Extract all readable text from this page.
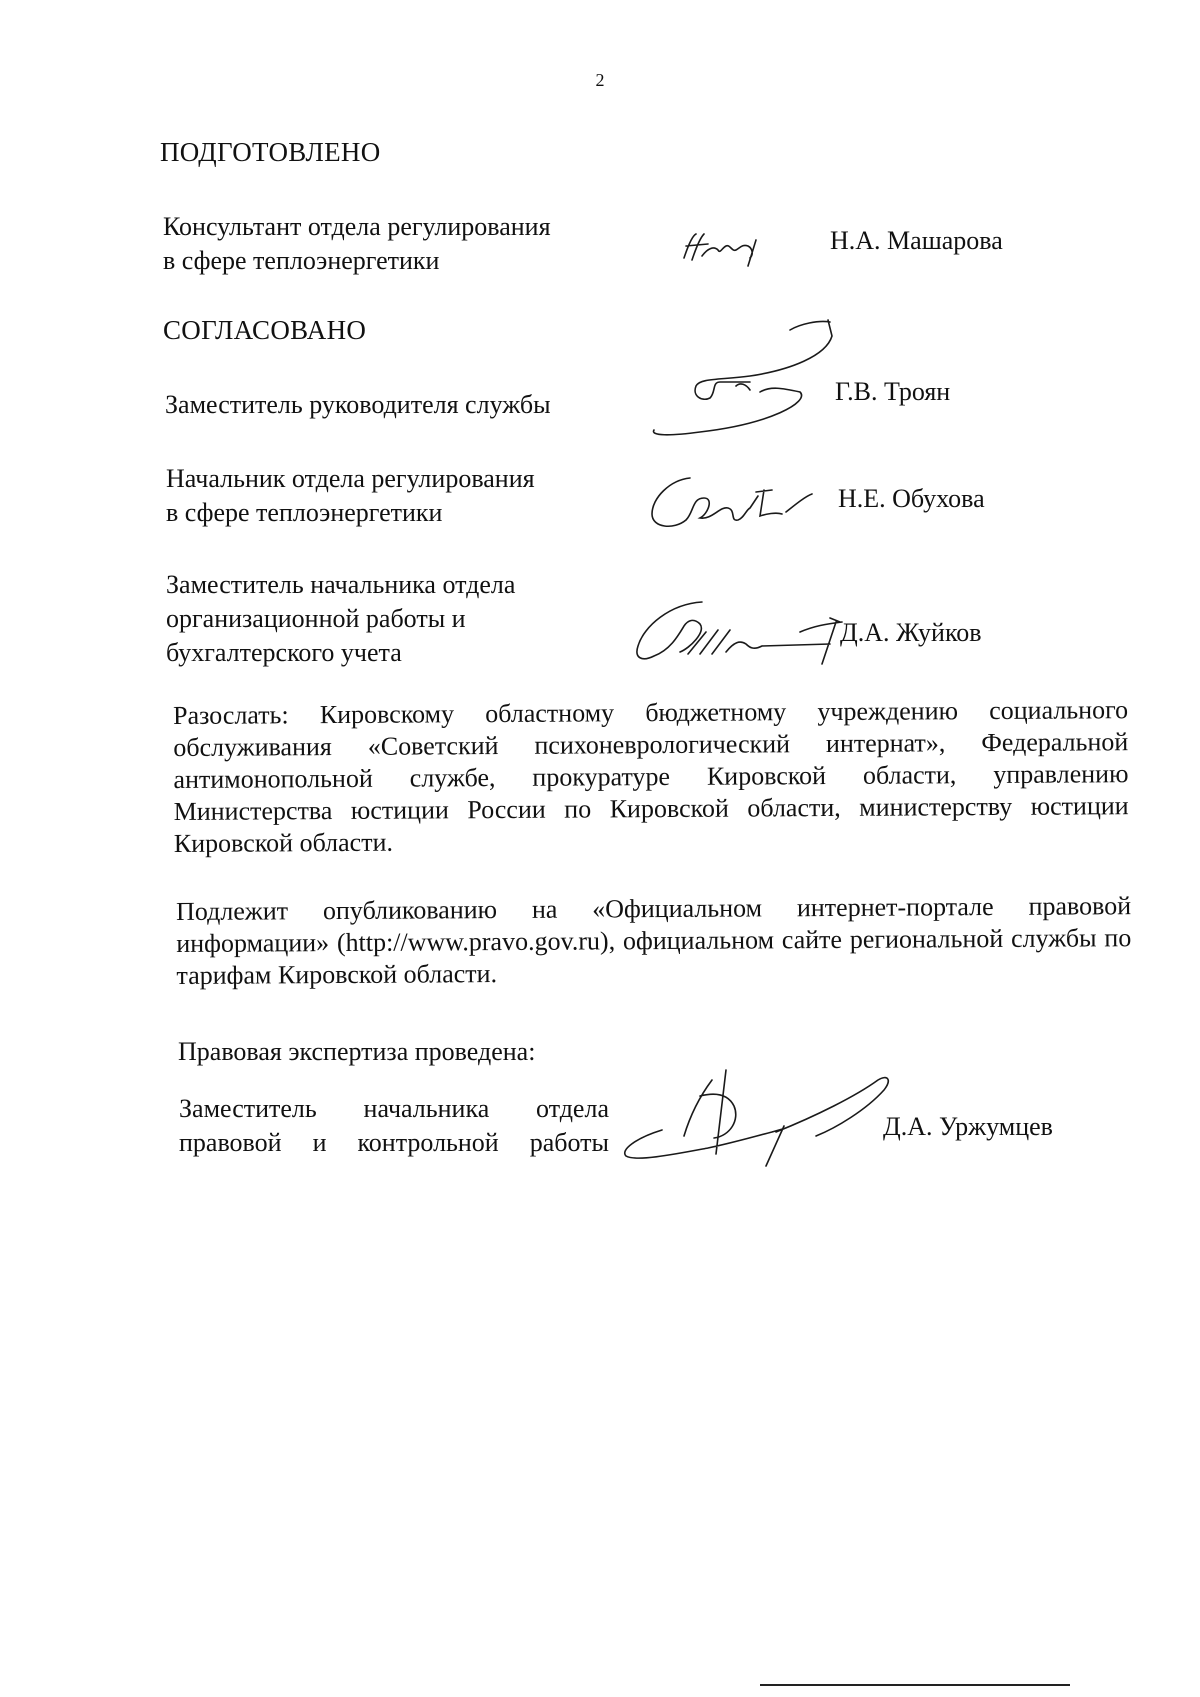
2
ПОДГОТОВЛЕНО
Консультант отдела регулирования
в сфере теплоэнергетики
Н.А. Машарова
СОГЛАСОВАНО
Заместитель руководителя службы	Г.В. Троян
Начальник отдела регулирования
в сфере теплоэнергетики	Н.Е. Обухова
Заместитель начальника отдела
организационной работы и
бухгалтерского учета
Д.А. Жуйков
Разослать: Кировскому областному бюджетному учреждению социального обслуживания «Советский психоневрологический интернат», Федеральной антимонопольной службе, прокуратуре Кировской области, управлению Министерства юстиции России по Кировской области, министерству юстиции Кировской области.
Подлежит опубликованию на «Официальном интернет-портале правовой информации» (http://www.pravo.gov.ru), официальном сайте региональной службы по тарифам Кировской области.
Правовая экспертиза проведена:
Заместитель начальника отдела
правовой и контрольной работы
Д.А. Уржумцев
